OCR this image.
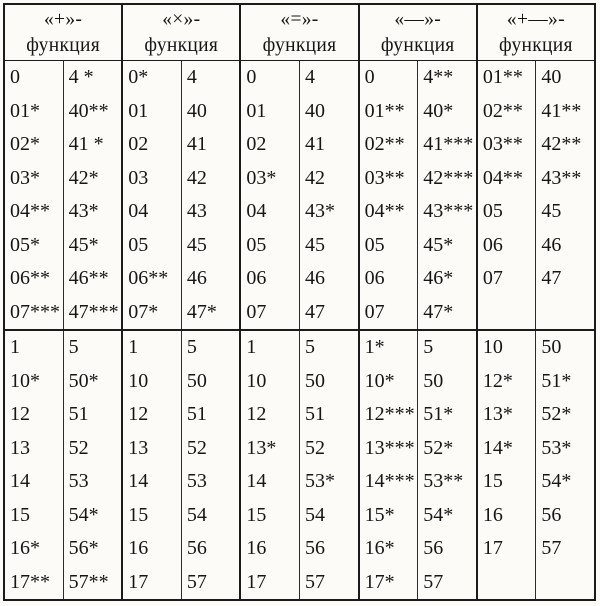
«+»-
функция
0	4 *
01*	40**
02*	41 *
03*	42*
04** 43*
05*	45*
06** 46**
07*** 47***
1	5
10*	50*
12	51
13	52
14	53
15	54*
16*	56*
17** 57**
«×»-
функция
0*	4
01	40
02	41
03	42
04	43
05	45
06** 46
07*	47*
1	5
10	50
12	51
13	52
14	53
15	54
16	56
17	57
«=»-
функция
0	4
01	40
02	41
03*	42
04	43*
05	45
06	46
07	47
1	5
10	50
12	51
13*	52
14	53*
15	54
16	56
17	57
«—»-
функция
0	4**
01** 40*
02** 41***
03** 42***
04** 43***
05	45*
06	46*
07	47*
1*	5
10*	50
12*** 51*
13*** 52*
14*** 53**
15*	54*
16*	56
17*	57
«+—»-
функция
01** 40
02** 41**
03** 42**
04** 43**
05	45
06	46
07	47
10	50
12*	51*
13*	52*
14*	53*
15	54*
16	56
17	57
